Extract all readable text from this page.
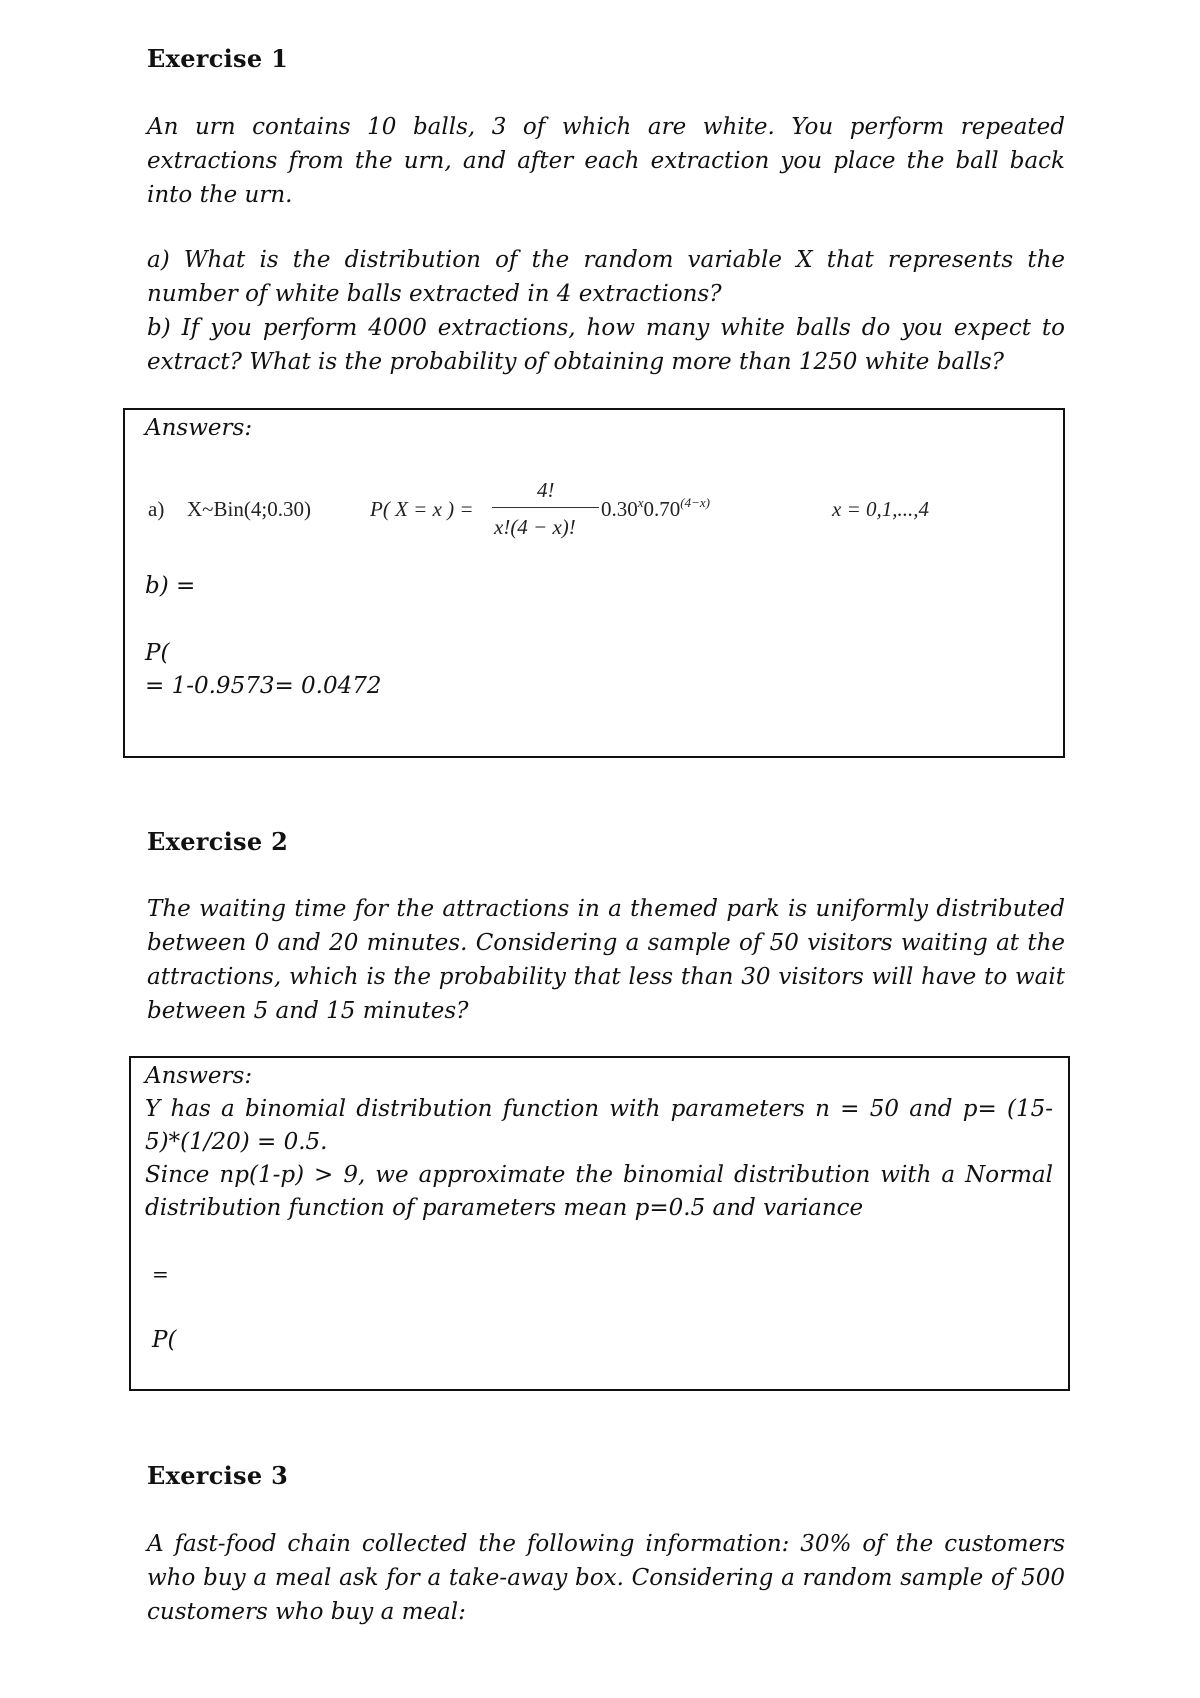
Exercise 1
An urn contains 10 balls, 3 of which are white. You perform repeated
extractions from the urn, and after each extraction you place the ball back
into the urn.
a) What is the distribution of the random variable X that represents the
number of white balls extracted in 4 extractions?
b) If you perform 4000 extractions, how many white balls do you expect to
extract? What is the probability of obtaining more than 1250 white balls?
Answers:
a) X~Bin(4;0.30)	P( X = x ) =
4!
x!(4 − x)!
$0.30^x0.70^{(4-x)}$	x = 0,1,...,4
b) =
P(
= 1-0.9573= 0.0472
Exercise 2
The waiting time for the attractions in a themed park is uniformly distributed
between 0 and 20 minutes. Considering a sample of 50 visitors waiting at the
attractions, which is the probability that less than 30 visitors will have to wait
between 5 and 15 minutes?
Answers:
Y has a binomial distribution function with parameters n = 50 and p= (15-
5)*(1/20) = 0.5.
Since np(1-p) > 9, we approximate the binomial distribution with a Normal
distribution function of parameters mean p=0.5 and variance
=
P(
Exercise 3
A fast-food chain collected the following information: 30% of the customers
who buy a meal ask for a take-away box. Considering a random sample of 500
customers who buy a meal:
